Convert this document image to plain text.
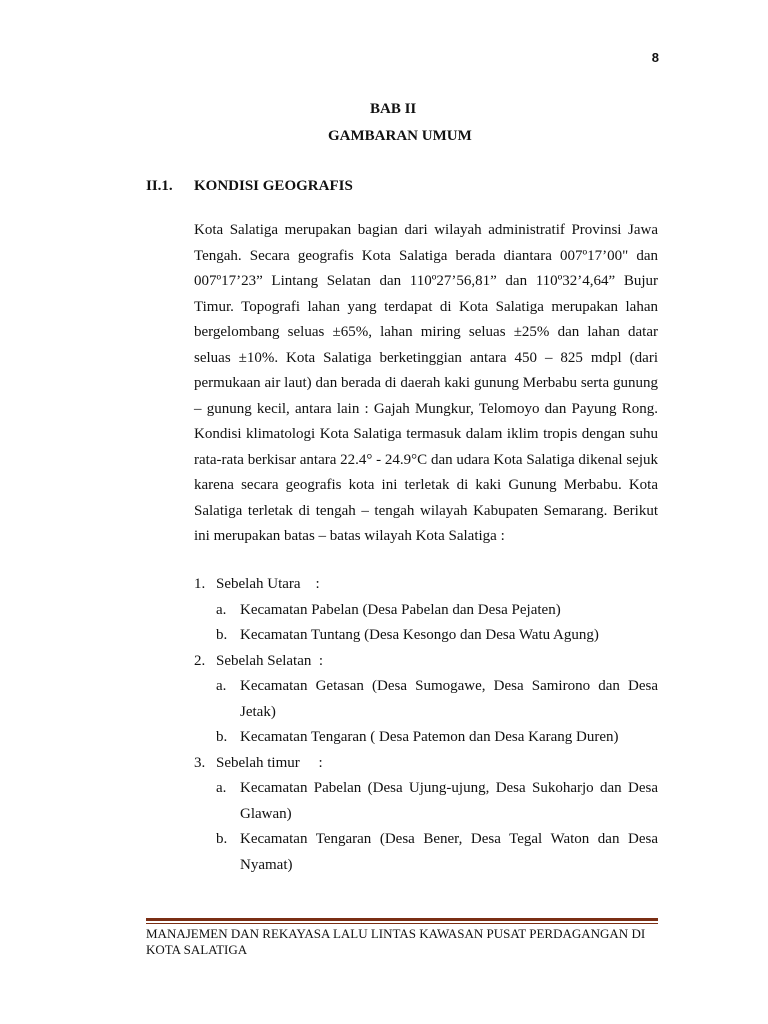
8
BAB II
GAMBARAN UMUM
II.1. KONDISI GEOGRAFIS

Kota Salatiga merupakan bagian dari wilayah administratif Provinsi Jawa Tengah. Secara geografis Kota Salatiga berada diantara 007º17’00" dan 007º17’23” Lintang Selatan dan 110º27’56,81” dan 110º32’4,64” Bujur Timur. Topografi lahan yang terdapat di Kota Salatiga merupakan lahan bergelombang seluas ±65%, lahan miring seluas ±25% dan lahan datar seluas ±10%. Kota Salatiga berketinggian antara 450 – 825 mdpl (dari permukaan air laut) dan berada di daerah kaki gunung Merbabu serta gunung – gunung kecil, antara lain : Gajah Mungkur, Telomoyo dan Payung Rong. Kondisi klimatologi Kota Salatiga termasuk dalam iklim tropis dengan suhu rata-rata berkisar antara 22.4° - 24.9°C dan udara Kota Salatiga dikenal sejuk karena secara geografis kota ini terletak di kaki Gunung Merbabu. Kota Salatiga terletak di tengah – tengah wilayah Kabupaten Semarang. Berikut ini merupakan batas – batas wilayah Kota Salatiga :

1. Sebelah Utara    :
a. Kecamatan Pabelan (Desa Pabelan dan Desa Pejaten)
b. Kecamatan Tuntang (Desa Kesongo dan Desa Watu Agung)
2. Sebelah Selatan  :
a. Kecamatan Getasan (Desa Sumogawe, Desa Samirono dan Desa Jetak)
b. Kecamatan Tengaran ( Desa Patemon dan Desa Karang Duren)
3. Sebelah timur     :
a. Kecamatan Pabelan (Desa Ujung-ujung, Desa Sukoharjo dan Desa Glawan)
b. Kecamatan Tengaran (Desa Bener, Desa Tegal Waton dan Desa Nyamat)
MANAJEMEN DAN REKAYASA LALU LINTAS KAWASAN PUSAT PERDAGANGAN DI
KOTA SALATIGA
